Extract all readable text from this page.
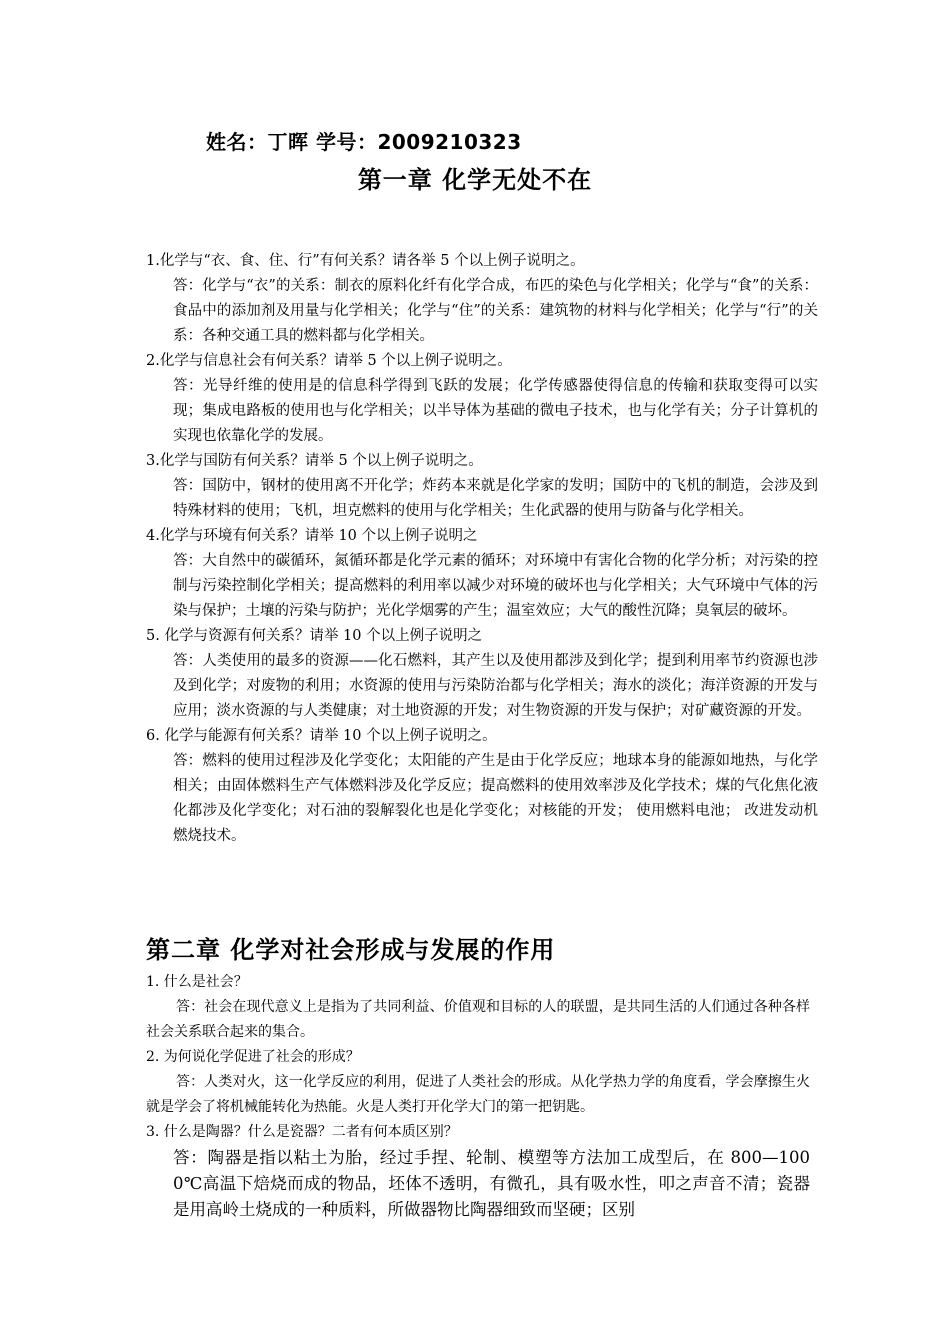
姓名：丁晖 学号：2009210323
第一章 化学无处不在

1.化学与“衣、食、住、行”有何关系？请各举 5 个以上例子说明之。

答：化学与“衣”的关系：制衣的原料化纤有化学合成，布匹的染色与化学相关；化学与“食”的关系：食品中的添加剂及用量与化学相关；化学与“住”的关系：建筑物的材料与化学相关；化学与“行”的关系：各种交通工具的燃料都与化学相关。

2.化学与信息社会有何关系？请举 5 个以上例子说明之。

答：光导纤维的使用是的信息科学得到飞跃的发展；化学传感器使得信息的传输和获取变得可以实现；集成电路板的使用也与化学相关；以半导体为基础的微电子技术，也与化学有关；分子计算机的实现也依靠化学的发展。

3.化学与国防有何关系？请举 5 个以上例子说明之。

答：国防中，钢材的使用离不开化学；炸药本来就是化学家的发明；国防中的飞机的制造，会涉及到特殊材料的使用；飞机，坦克燃料的使用与化学相关；生化武器的使用与防备与化学相关。

4.化学与环境有何关系？请举 10 个以上例子说明之

答：大自然中的碳循环，氮循环都是化学元素的循环；对环境中有害化合物的化学分析；对污染的控制与污染控制化学相关；提高燃料的利用率以减少对环境的破坏也与化学相关；大气环境中气体的污染与保护；土壤的污染与防护；光化学烟雾的产生；温室效应；大气的酸性沉降；臭氧层的破坏。

5. 化学与资源有何关系？请举 10 个以上例子说明之

答：人类使用的最多的资源——化石燃料，其产生以及使用都涉及到化学；提到利用率节约资源也涉及到化学；对废物的利用；水资源的使用与污染防治都与化学相关；海水的淡化；海洋资源的开发与应用；淡水资源的与人类健康；对土地资源的开发；对生物资源的开发与保护；对矿藏资源的开发。

6. 化学与能源有何关系？请举 10 个以上例子说明之。

答：燃料的使用过程涉及化学变化；太阳能的产生是由于化学反应；地球本身的能源如地热，与化学相关；由固体燃料生产气体燃料涉及化学反应；提高燃料的使用效率涉及化学技术；煤的气化焦化液化都涉及化学变化；对石油的裂解裂化也是化学变化；对核能的开发； 使用燃料电池； 改进发动机燃烧技术。

第二章 化学对社会形成与发展的作用

1. 什么是社会？

答：社会在现代意义上是指为了共同利益、价值观和目标的人的联盟，是共同生活的人们通过各种各样社会关系联合起来的集合。

2. 为何说化学促进了社会的形成？

答：人类对火，这一化学反应的利用，促进了人类社会的形成。从化学热力学的角度看，学会摩擦生火就是学会了将机械能转化为热能。火是人类打开化学大门的第一把钥匙。

3. 什么是陶器？什么是瓷器？二者有何本质区别？

答：陶器是指以粘土为胎，经过手捏、轮制、模塑等方法加工成型后，在 800—1000℃高温下焙烧而成的物品，坯体不透明，有微孔，具有吸水性，叩之声音不清；瓷器是用高岭土烧成的一种质料，所做器物比陶器细致而坚硬；区别
